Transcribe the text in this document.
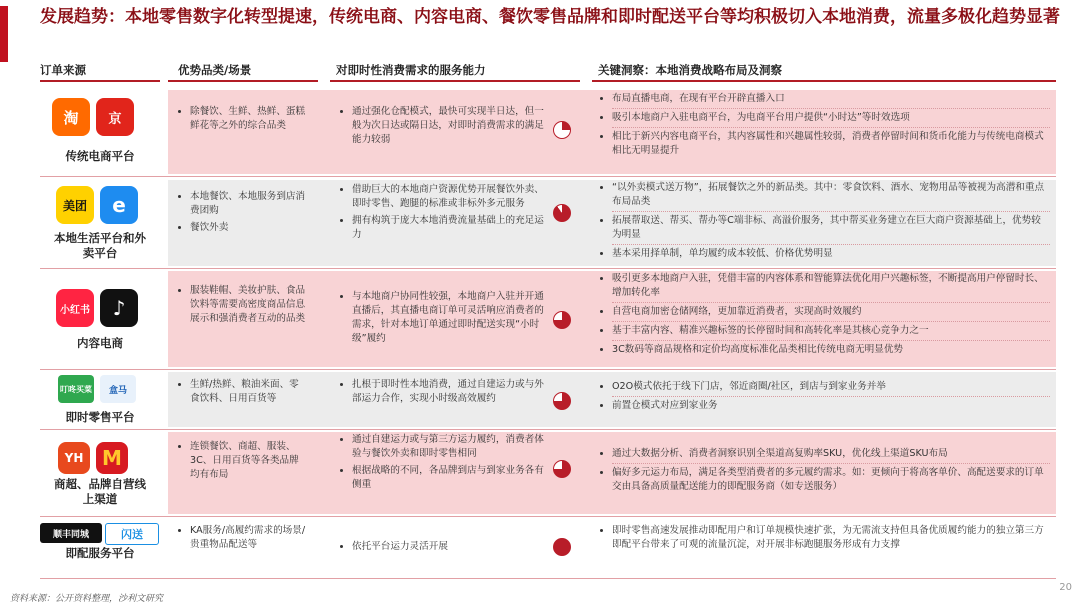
发展趋势：本地零售数字化转型提速，传统电商、内容电商、餐饮零售品牌和即时配送平台等均积极切入本地消费，流量多极化趋势显著
订单来源	优势品类/场景	对即时性消费需求的服务能力	关键洞察：本地消费战略布局及洞察
淘	京
传统电商平台
• 除餐饮、生鲜、热鲜、蛋糕鲜花等之外的综合品类
• 通过强化仓配模式，最快可实现半日达，但一般为次日达或隔日达，对即时消费需求的满足能力较弱
• 布局直播电商，在现有平台开辟直播入口
• 吸引本地商户入驻电商平台，为电商平台用户提供“小时达”等时效选项
• 相比于新兴内容电商平台，其内容属性和兴趣属性较弱，消费者停留时间和货币化能力与传统电商模式相比无明显提升
美团	e
本地生活平台和外卖平台
• 本地餐饮、本地服务到店消费团购
• 餐饮外卖
• 借助巨大的本地商户资源优势开展餐饮外卖、即时零售、跑腿的标准或非标外多元服务
• 拥有构筑于庞大本地消费流量基础上的充足运力
• “以外卖模式送万物”，拓展餐饮之外的新品类。其中：零食饮料、酒水、宠物用品等被视为高潜和重点布局品类
• 拓展帮取送、帮买、帮办等C端非标、高溢价服务，其中帮买业务建立在巨大商户资源基础上，优势较为明显
• 基本采用择单制，单均履约成本较低、价格优势明显
小红书	♪
内容电商
• 服装鞋帽、美妆护肤、食品饮料等需要高密度商品信息展示和强消费者互动的品类
• 与本地商户协同性较强，本地商户入驻并开通直播后，其直播电商订单可灵活响应消费者的需求，针对本地订单通过即时配送实现“小时级”履约
• 吸引更多本地商户入驻，凭借丰富的内容体系和智能算法优化用户兴趣标签，不断提高用户停留时长、增加转化率
• 自营电商加密仓储网络，更加靠近消费者，实现高时效履约
• 基于丰富内容、精准兴趣标签的长停留时间和高转化率是其核心竞争力之一
• 3C数码等商品规格和定价均高度标准化品类相比传统电商无明显优势
叮咚买菜	盒马
即时零售平台
• 生鲜/热鲜、粮油米面、零食饮料、日用百货等
• 扎根于即时性本地消费，通过自建运力或与外部运力合作，实现小时级高效履约
• O2O模式依托于线下门店，邻近商圈/社区，到店与到家业务并举
• 前置仓模式对应到家业务
YH M
商超、品牌自营线上渠道
• 连锁餐饮、商超、服装、3C、日用百货等各类品牌均有布局
• 通过自建运力或与第三方运力履约，消费者体验与餐饮外卖和即时零售相同
• 根据战略的不同，各品牌到店与到家业务各有侧重
• 通过大数据分析、消费者洞察识别全渠道高复购率SKU，优化线上渠道SKU布局
• 偏好多元运力布局，满足各类型消费者的多元履约需求。如：更倾向于将高客单价、高配送要求的订单交由具备高质量配送能力的即配服务商（如专送服务）
顺丰同城	闪送
即配服务平台
• KA服务/高履约需求的场景/贵重物品配送等
•	依托平台运力灵活开展
• 即时零售高速发展推动即配用户和订单规模快速扩张，为无需流支持但具备优质履约能力的独立第三方即配平台带来了可观的流量沉淀，对开展非标跑腿服务形成有力支撑
资料来源：公开资料整理，沙利文研究
20
